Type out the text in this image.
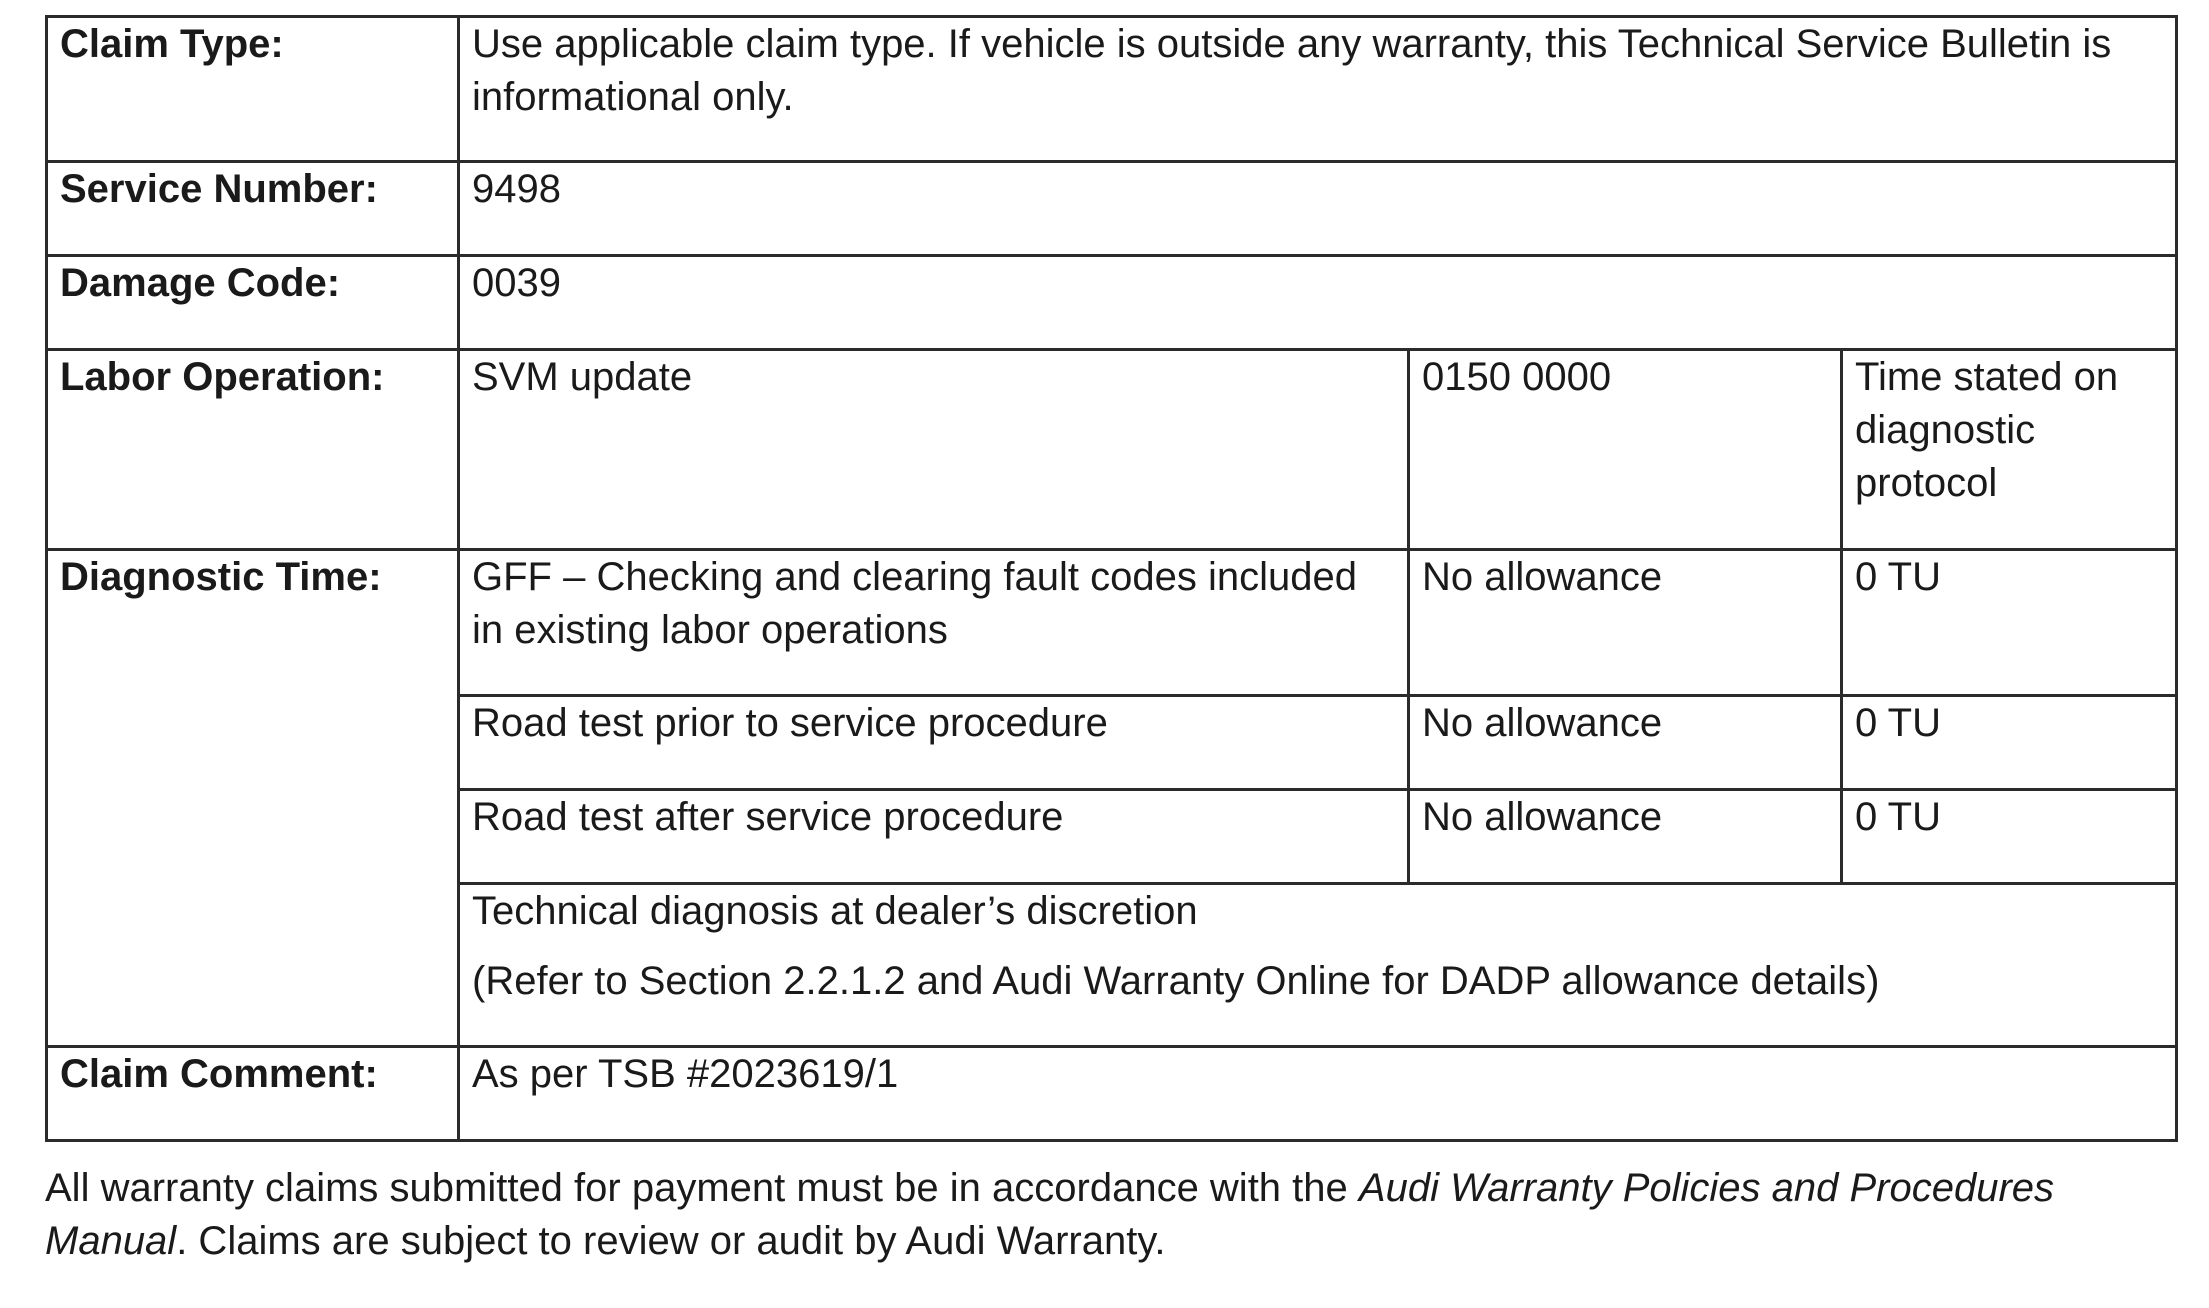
Claim Type:	Use applicable claim type. If vehicle is outside any warranty, this Technical Service Bulletin is informational only.		
Service Number:	9498		
Damage Code:	0039		
Labor Operation:	SVM update	0150 0000	Time stated on diagnostic protocol
Diagnostic Time:	GFF – Checking and clearing fault codes included in existing labor operations	No allowance	0 TU
	Road test prior to service procedure	No allowance	0 TU
	Road test after service procedure	No allowance	0 TU
	Technical diagnosis at dealer’s discretion
(Refer to Section 2.2.1.2 and Audi Warranty Online for DADP allowance details)		

Claim Comment:	As per TSB #2023619/1		

All warranty claims submitted for payment must be in accordance with the Audi Warranty Policies and Procedures Manual. Claims are subject to review or audit by Audi Warranty.
